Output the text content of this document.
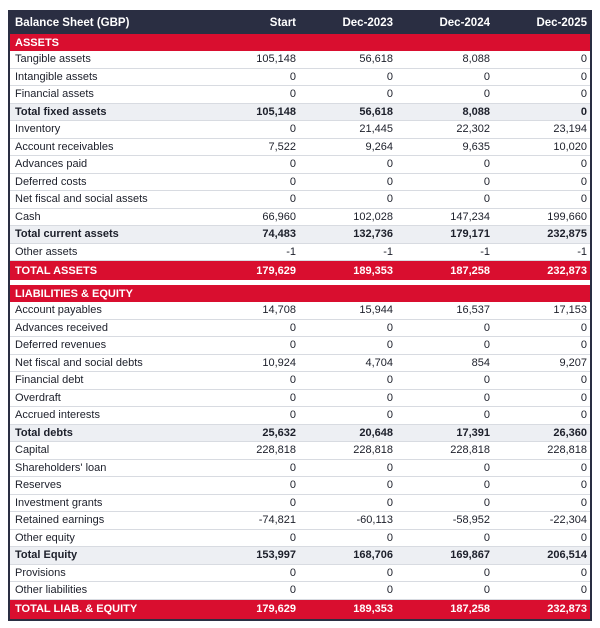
Balance Sheet (GBP)	Start	Dec-2023	Dec-2024	Dec-2025
ASSETS
Tangible assets	105,148	56,618	8,088	0
Intangible assets	0	0	0	0
Financial assets	0	0	0	0
Total fixed assets	105,148	56,618	8,088	0
Inventory	0	21,445	22,302	23,194
Account receivables	7,522	9,264	9,635	10,020
Advances paid	0	0	0	0
Deferred costs	0	0	0	0
Net fiscal and social assets	0	0	0	0
Cash	66,960	102,028	147,234	199,660
Total current assets	74,483	132,736	179,171	232,875
Other assets	-1	-1	-1	-1
TOTAL ASSETS	179,629	189,353	187,258	232,873
LIABILITIES & EQUITY
Account payables	14,708	15,944	16,537	17,153
Advances received	0	0	0	0
Deferred revenues	0	0	0	0
Net fiscal and social debts	10,924	4,704	854	9,207
Financial debt	0	0	0	0
Overdraft	0	0	0	0
Accrued interests	0	0	0	0
Total debts	25,632	20,648	17,391	26,360
Capital	228,818	228,818	228,818	228,818
Shareholders' loan	0	0	0	0
Reserves	0	0	0	0
Investment grants	0	0	0	0
Retained earnings	-74,821	-60,113	-58,952	-22,304
Other equity	0	0	0	0
Total Equity	153,997	168,706	169,867	206,514
Provisions	0	0	0	0
Other liabilities	0	0	0	0
TOTAL LIAB. & EQUITY	179,629	189,353	187,258	232,873
